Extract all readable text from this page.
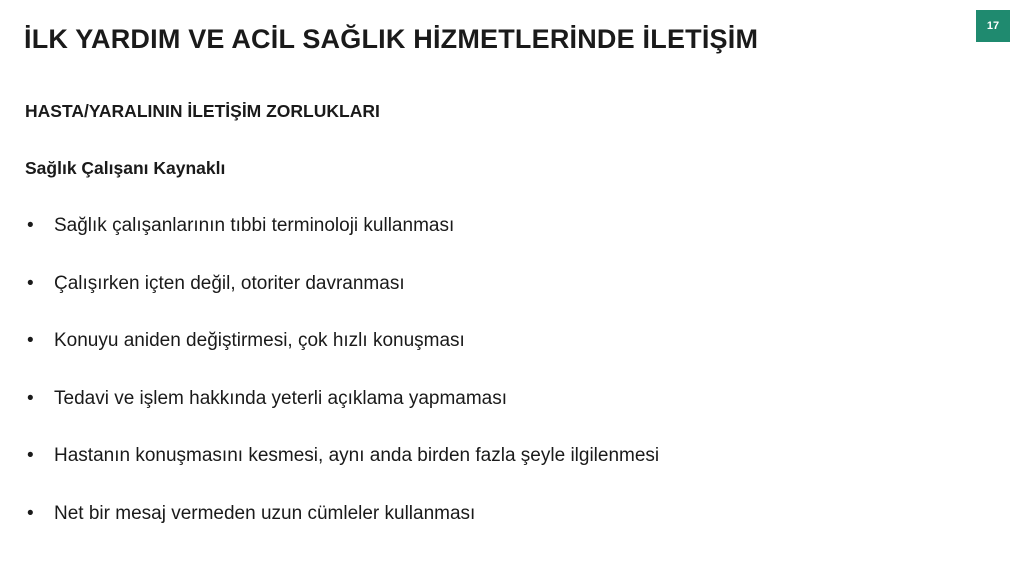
İLK YARDIM VE ACİL SAĞLIK HİZMETLERİNDE İLETİŞİM	17
HASTA/YARALININ İLETİŞİM ZORLUKLARI
Sağlık Çalışanı Kaynaklı
• Sağlık çalışanlarının tıbbi terminoloji kullanması
• Çalışırken içten değil, otoriter davranması
• Konuyu aniden değiştirmesi, çok hızlı konuşması
• Tedavi ve işlem hakkında yeterli açıklama yapmaması
• Hastanın konuşmasını kesmesi, aynı anda birden fazla şeyle ilgilenmesi
• Net bir mesaj vermeden uzun cümleler kullanması
